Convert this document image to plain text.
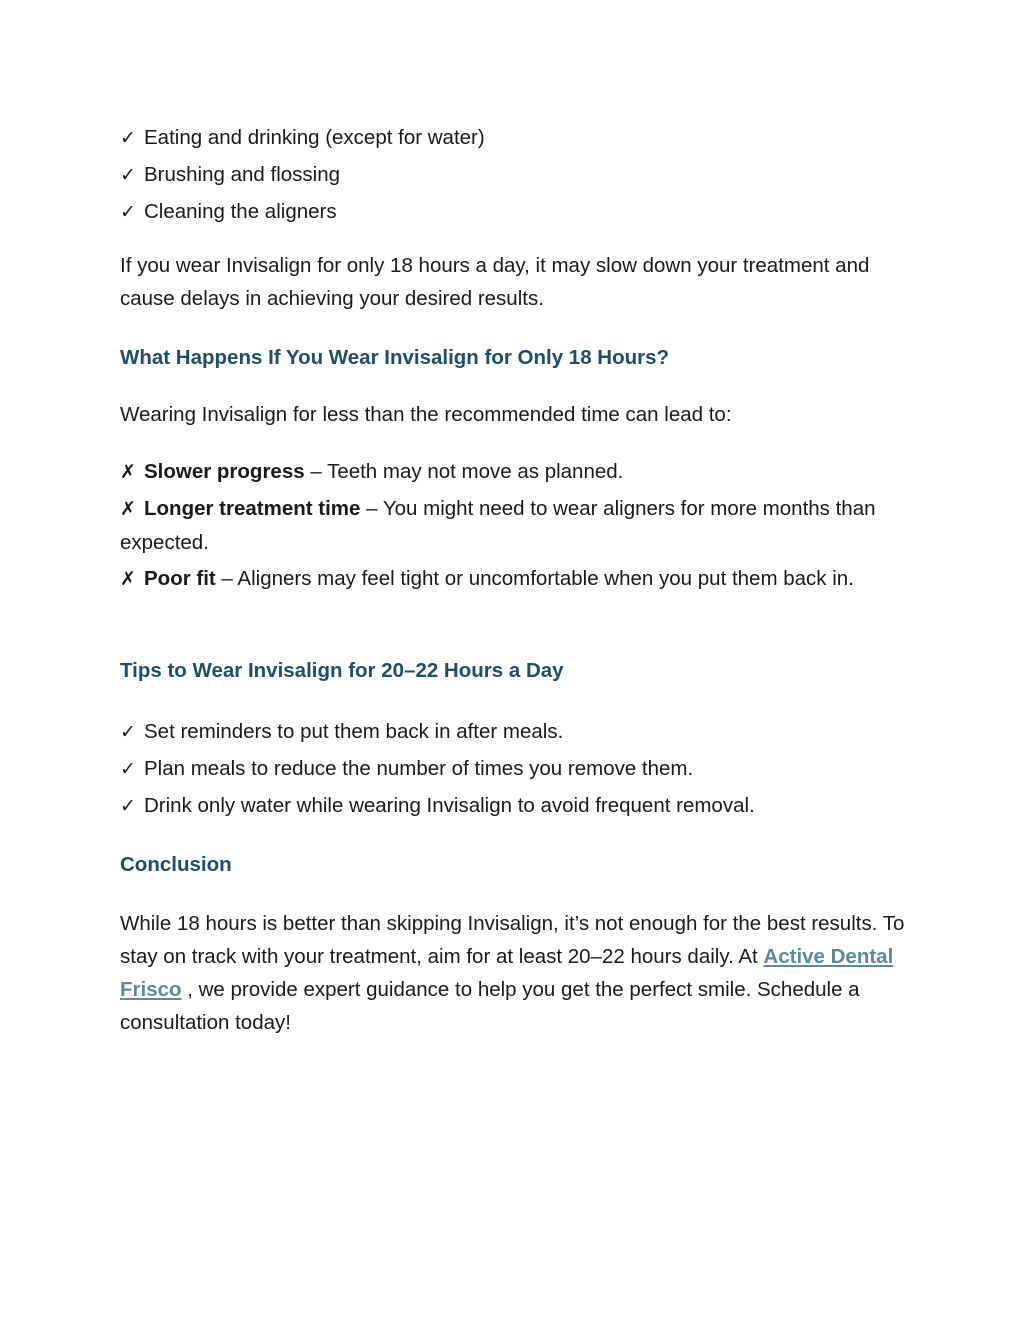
✓ Eating and drinking (except for water)
✓ Brushing and flossing
✓ Cleaning the aligners
If you wear Invisalign for only 18 hours a day, it may slow down your treatment and cause delays in achieving your desired results.
What Happens If You Wear Invisalign for Only 18 Hours?
Wearing Invisalign for less than the recommended time can lead to:
✗ Slower progress – Teeth may not move as planned.
✗ Longer treatment time – You might need to wear aligners for more months than expected.
✗ Poor fit – Aligners may feel tight or uncomfortable when you put them back in.
Tips to Wear Invisalign for 20–22 Hours a Day
✓ Set reminders to put them back in after meals.
✓ Plan meals to reduce the number of times you remove them.
✓ Drink only water while wearing Invisalign to avoid frequent removal.
Conclusion
While 18 hours is better than skipping Invisalign, it’s not enough for the best results. To stay on track with your treatment, aim for at least 20–22 hours daily. At Active Dental Frisco , we provide expert guidance to help you get the perfect smile. Schedule a consultation today!
